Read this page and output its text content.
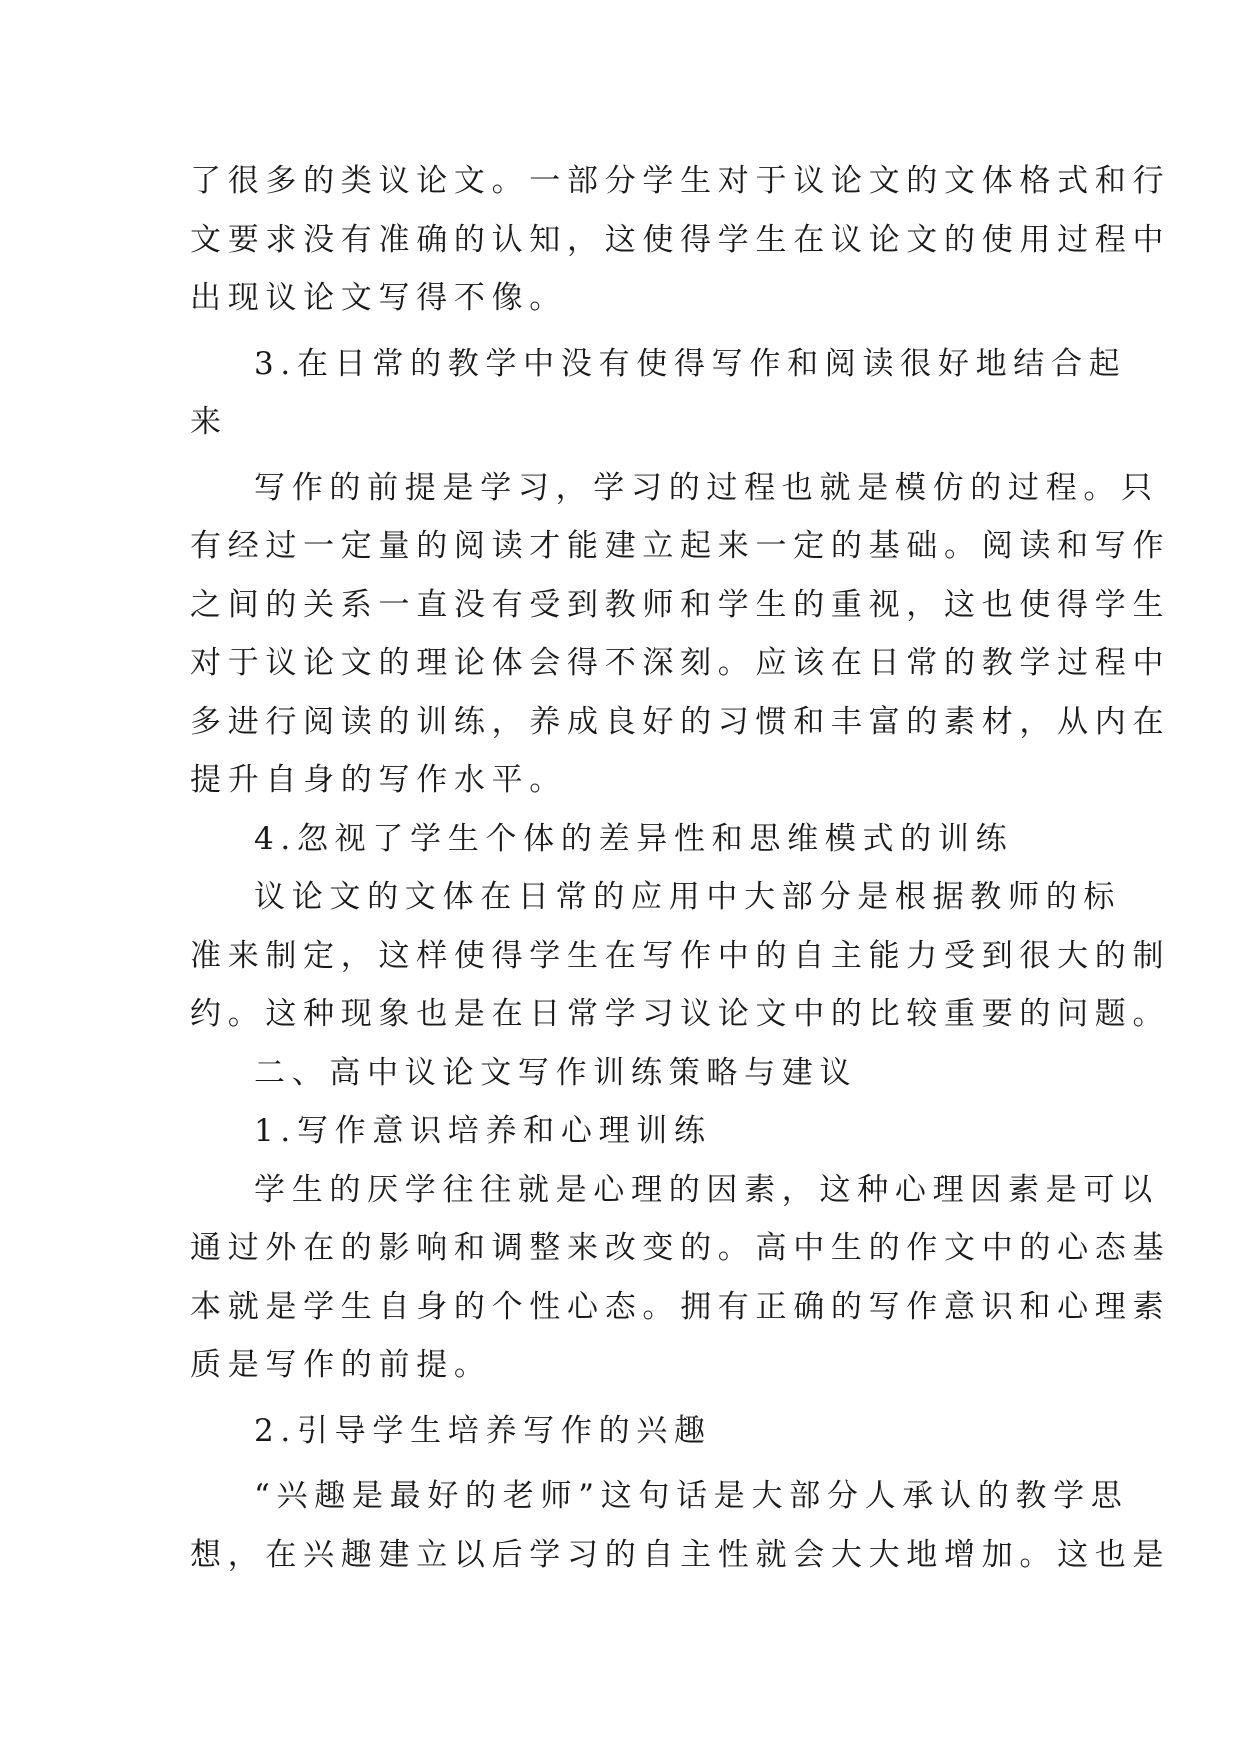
了很多的类议论文。一部分学生对于议论文的文体格式和行
文要求没有准确的认知，这使得学生在议论文的使用过程中
出现议论文写得不像。
3.在日常的教学中没有使得写作和阅读很好地结合起
来
写作的前提是学习，学习的过程也就是模仿的过程。只
有经过一定量的阅读才能建立起来一定的基础。阅读和写作
之间的关系一直没有受到教师和学生的重视，这也使得学生
对于议论文的理论体会得不深刻。应该在日常的教学过程中
多进行阅读的训练，养成良好的习惯和丰富的素材，从内在
提升自身的写作水平。
4.忽视了学生个体的差异性和思维模式的训练
议论文的文体在日常的应用中大部分是根据教师的标
准来制定，这样使得学生在写作中的自主能力受到很大的制
约。这种现象也是在日常学习议论文中的比较重要的问题。
二、高中议论文写作训练策略与建议
1.写作意识培养和心理训练
学生的厌学往往就是心理的因素，这种心理因素是可以
通过外在的影响和调整来改变的。高中生的作文中的心态基
本就是学生自身的个性心态。拥有正确的写作意识和心理素
质是写作的前提。
2.引导学生培养写作的兴趣
“兴趣是最好的老师”这句话是大部分人承认的教学思
想，在兴趣建立以后学习的自主性就会大大地增加。这也是
